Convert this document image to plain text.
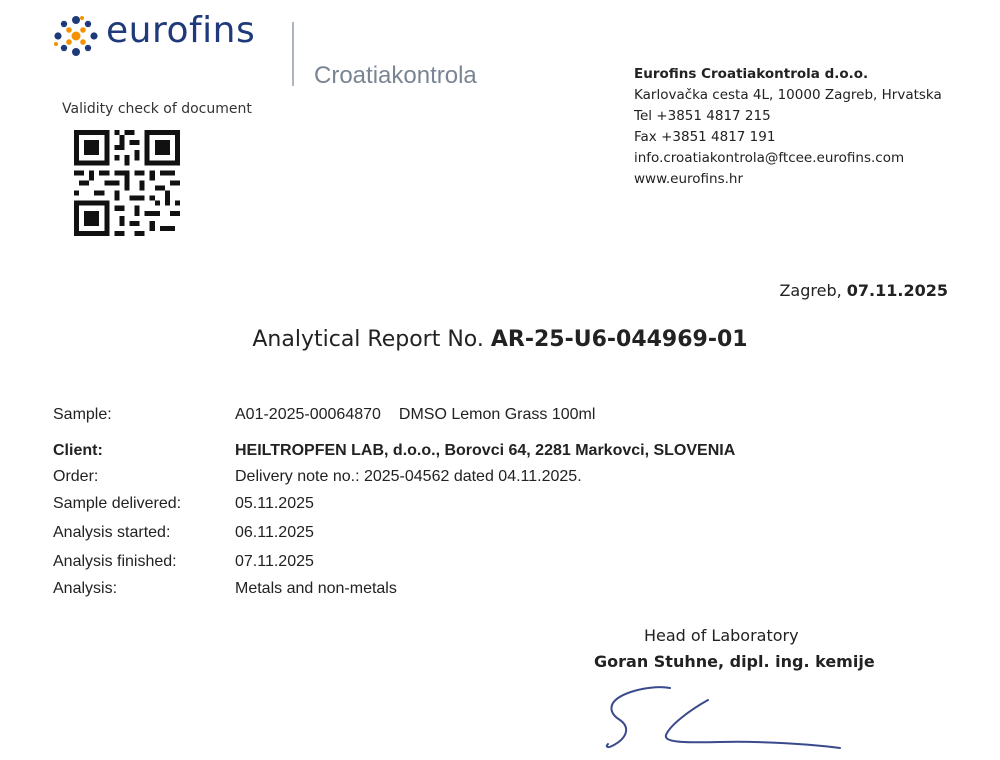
eurofins
Croatiakontrola
Validity check of document
Eurofins Croatiakontrola d.o.o.
Karlovačka cesta 4L, 10000 Zagreb, Hrvatska
Tel +3851 4817 215
Fax +3851 4817 191
info.croatiakontrola@ftcee.eurofins.com
www.eurofins.hr
Zagreb, 07.11.2025
Analytical Report No. AR-25-U6-044969-01
Sample:	A01-2025-00064870 DMSO Lemon Grass 100ml
Client:	HEILTROPFEN LAB, d.o.o., Borovci 64, 2281 Markovci, SLOVENIA
Order:	Delivery note no.: 2025-04562 dated 04.11.2025.
Sample delivered:	05.11.2025
Analysis started:	06.11.2025
Analysis finished:	07.11.2025
Analysis:	Metals and non-metals
Head of Laboratory
Goran Stuhne, dipl. ing. kemije
